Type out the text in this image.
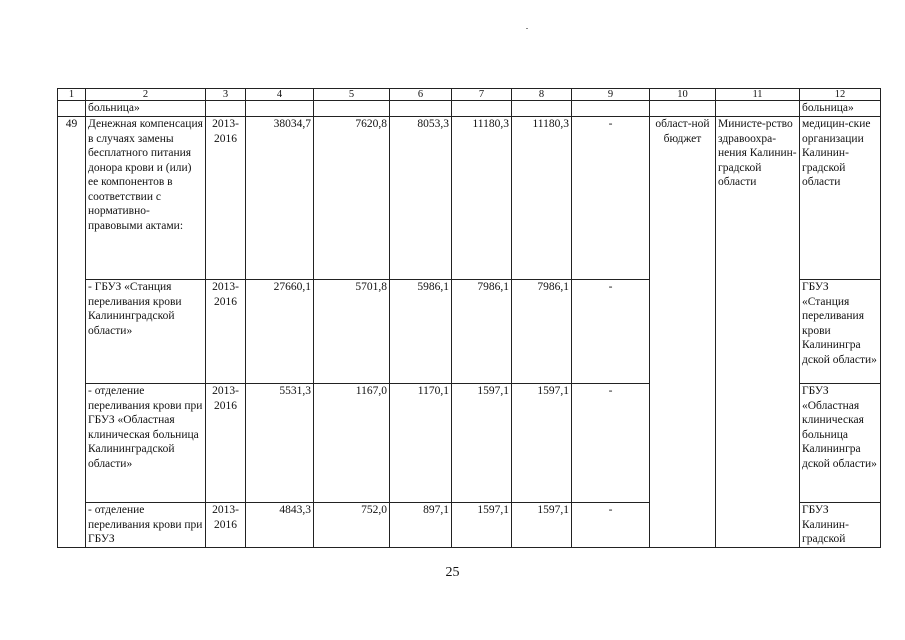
1	2	3	4	5	6	7	8	9	10	11	12
	больница»										больница»
49	Денежная компенсация в случаях замены бесплатного питания донора крови и (или) ее компонентов в соответствии с нормативно-правовыми актами:	2013-2016	38034,7	7620,8	8053,3	11180,3	11180,3	-	област-ной бюджет	Министе-рство здравоохра-нения Калинин-градской области	медицин-ские организации Калинин-градской области
	- ГБУЗ «Станция переливания крови Калининградской области»	2013-2016	27660,1	5701,8	5986,1	7986,1	7986,1	-			ГБУЗ «Станция переливания крови Калинингра дской области»
	- отделение переливания крови при ГБУЗ «Областная клиническая больница Калининградской области»	2013-2016	5531,3	1167,0	1170,1	1597,1	1597,1	-			ГБУЗ «Областная клиническая больница Калинингра дской области»
	- отделение переливания крови при ГБУЗ	2013-2016	4843,3	752,0	897,1	1597,1	1597,1	-			ГБУЗ Калинин-градской
25
